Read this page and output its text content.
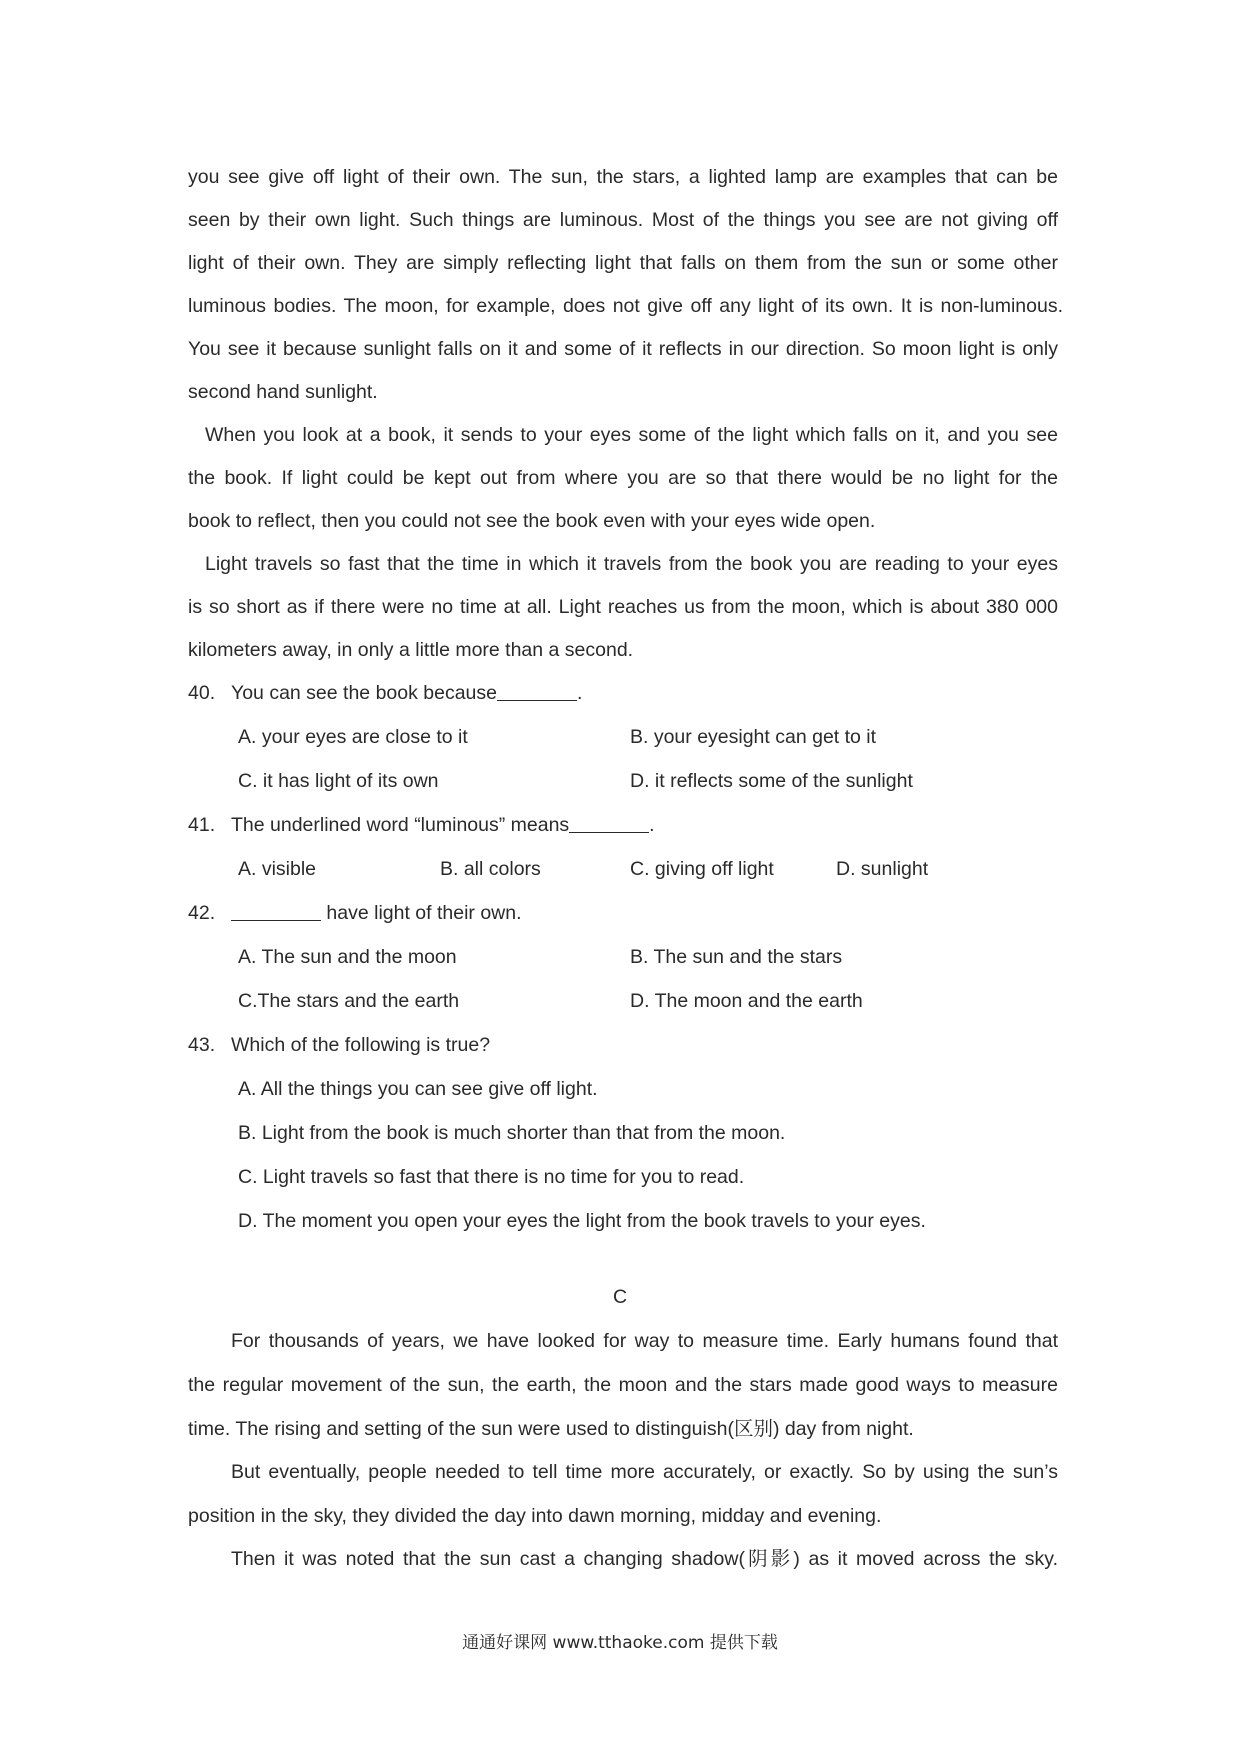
you see give off light of their own. The sun, the stars, a lighted lamp are examples that can be
seen by their own light. Such things are luminous. Most of the things you see are not giving off
light of their own. They are simply reflecting light that falls on them from the sun or some other
luminous bodies. The moon, for example, does not give off any light of its own. It is non-luminous.
You see it because sunlight falls on it and some of it reflects in our direction. So moon light is only
second hand sunlight.
When you look at a book, it sends to your eyes some of the light which falls on it, and you see
the book. If light could be kept out from where you are so that there would be no light for the
book to reflect, then you could not see the book even with your eyes wide open.
Light travels so fast that the time in which it travels from the book you are reading to your eyes
is so short as if there were no time at all. Light reaches us from the moon, which is about 380 000
kilometers away, in only a little more than a second.
40. You can see the book because	.
A. your eyes are close to it	B. your eyesight can get to it
C. it has light of its own	D. it reflects some of the sunlight
41. The underlined word “luminous” means	.
A. visible	B. all colors	C. giving off light	D. sunlight
42.	have light of their own.
A. The sun and the moon	B. The sun and the stars
C.The stars and the earth	D. The moon and the earth
43. Which of the following is true?
A. All the things you can see give off light.
B. Light from the book is much shorter than that from the moon.
C. Light travels so fast that there is no time for you to read.
D. The moment you open your eyes the light from the book travels to your eyes.
C
For thousands of years, we have looked for way to measure time. Early humans found that
the regular movement of the sun, the earth, the moon and the stars made good ways to measure
time. The rising and setting of the sun were used to distinguish(区别) day from night.
But eventually, people needed to tell time more accurately, or exactly. So by using the sun’s
position in the sky, they divided the day into dawn morning, midday and evening.
Then it was noted that the sun cast a changing shadow(阴影) as it moved across the sky.
通通好课网 www.tthaoke.com 提供下载
